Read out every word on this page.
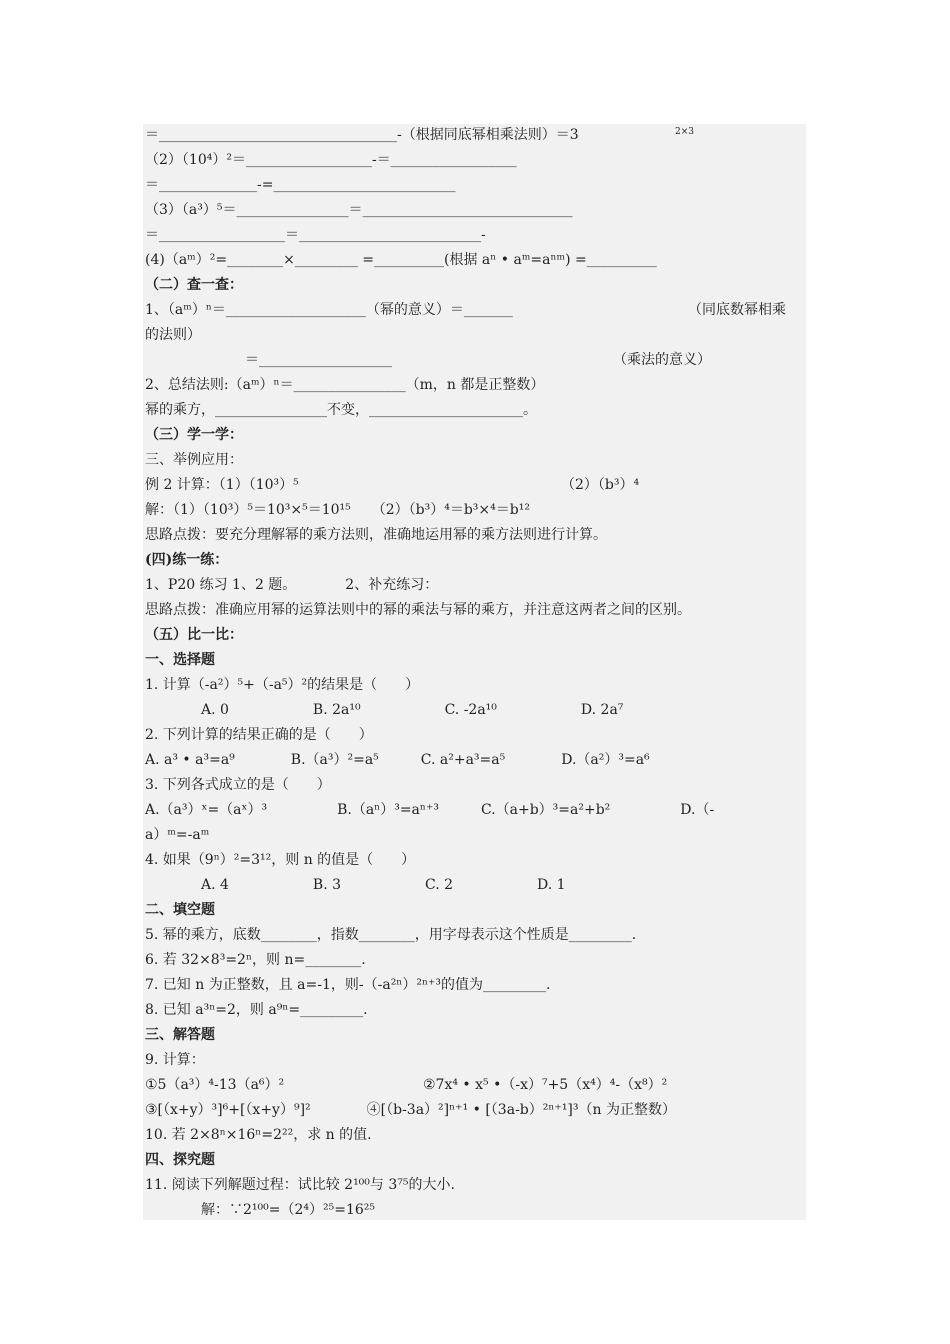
＝__________________________________-（根据同底幂相乘法则）＝3	2×3
（2）（10⁴）²＝__________________-＝__________________
＝______________-=__________________________
（3）（a³）⁵＝________________＝______________________________
＝__________________＝__________________________-
(4)（aᵐ）²=________×_________ =__________(根据 aⁿ • aᵐ=aⁿᵐ) =__________
（二）查一查：
1、（aᵐ）ⁿ＝____________________（幂的意义）＝_______	（同底数幂相乘
的法则）
＝___________________	（乘法的意义）
2、总结法则:（aᵐ）ⁿ＝________________（m，n 都是正整数）
幂的乘方，________________不变，______________________。
（三）学一学：
三、举例应用：
例 2 计算：（1）（10³）⁵	（2）（b³）⁴
解：（1）（10³）⁵＝10³×⁵＝10¹⁵　　（2）（b³）⁴＝b³×⁴＝b¹²
思路点拨：要充分理解幂的乘方法则，准确地运用幂的乘方法则进行计算。
(四)练一练：
1、P20 练习 1、2 题。　　　　2、补充练习：
思路点拨：准确应用幂的运算法则中的幂的乘法与幂的乘方，并注意这两者之间的区别。
（五）比一比：
一、选择题
1. 计算（-a²）⁵+（-a⁵）²的结果是（　　）
A. 0　　　　　　B. 2a¹⁰　　　　　　C. -2a¹⁰　　　　　　D. 2a⁷
2. 下列计算的结果正确的是（　　）
A. a³ • a³=a⁹　　　　B.（a³）²=a⁵　　　C. a²+a³=a⁵　　　　D.（a²）³=a⁶
3. 下列各式成立的是（　　）
A.（a³）ˣ=（aˣ）³　　　　　B.（aⁿ）³=aⁿ⁺³　　　C.（a+b）³=a²+b²　　　　　D.（-
a）ᵐ=-aᵐ
4. 如果（9ⁿ）²=3¹²，则 n 的值是（　　）
A. 4　　　　　　B. 3　　　　　　C. 2　　　　　　D. 1
二、填空题
5. 幂的乘方，底数________，指数________，用字母表示这个性质是_________.
6. 若 32×8³=2ⁿ，则 n=________.
7. 已知 n 为正整数，且 a=-1，则-（-a²ⁿ）²ⁿ⁺³的值为_________.
8. 已知 a³ⁿ=2，则 a⁹ⁿ=_________.
三、解答题
9. 计算：
①5（a³）⁴-13（a⁶）²	②7x⁴ • x⁵ •（-x）⁷+5（x⁴）⁴-（x⁸）²
③[（x+y）³]⁶+[（x+y）⁹]²　　　　④[（b-3a）²]ⁿ⁺¹ • [（3a-b）²ⁿ⁺¹]³（n 为正整数）
10. 若 2×8ⁿ×16ⁿ=2²²，求 n 的值.
四、探究题
11. 阅读下列解题过程：试比较 2¹⁰⁰与 3⁷⁵的大小.
解：∵2¹⁰⁰=（2⁴）²⁵=16²⁵
